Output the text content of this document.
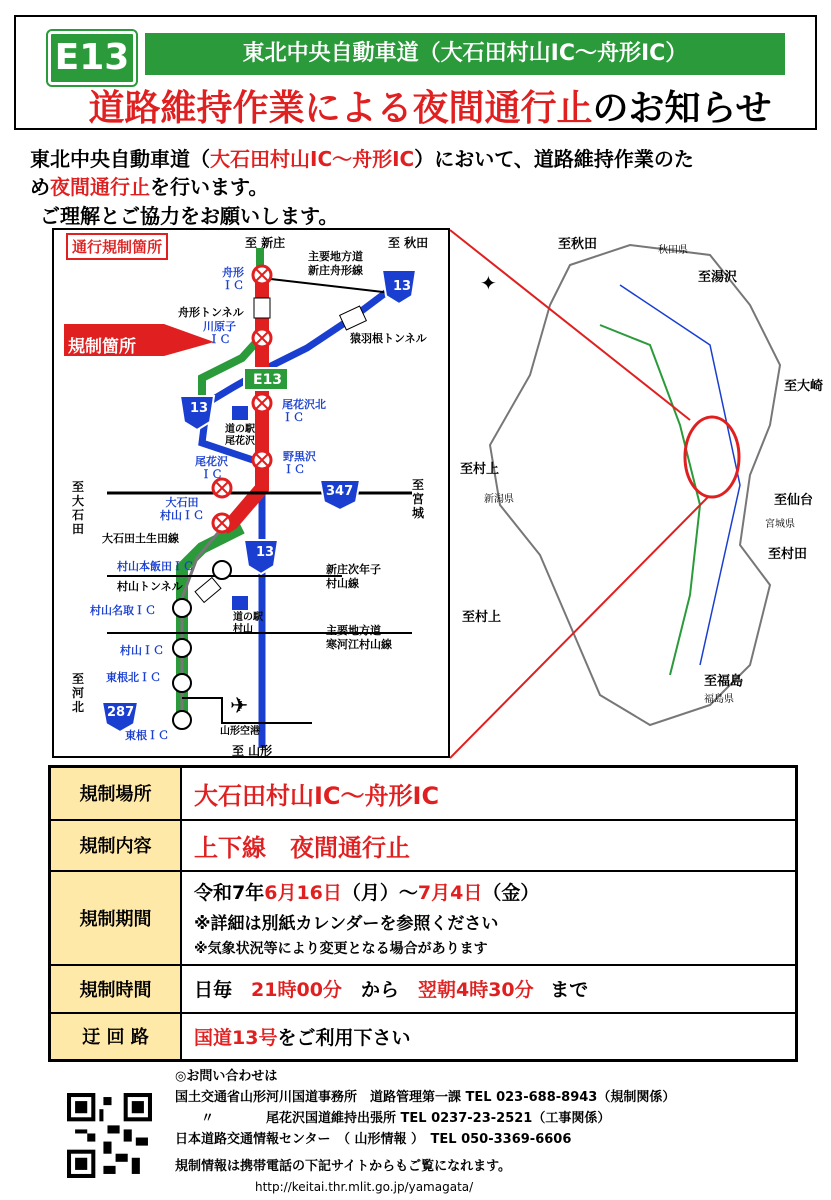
E13	東北中央自動車道（大石田村山IC〜舟形IC）
道路維持作業による夜間通行止のお知らせ
東北中央自動車道（大石田村山IC〜舟形IC）において、道路維持作業のた
め夜間通行止を行います。
ご理解とご協力をお願いします。
✈
通行規制箇所
規制箇所
至 新庄	至 秋田
至 山形
至
宮
城
至
大
石
田
至
河
北
舟形
ＩＣ
舟形トンネル
川原子
ＩＣ
E13
13
13
13
347
287
尾花沢北
ＩＣ
道の駅
尾花沢
尾花沢
ＩＣ
野黒沢
ＩＣ
大石田
村山ＩＣ
大石田土生田線
村山本飯田ＩＣ
村山トンネル
村山名取ＩＣ
村山ＩＣ
東根北ＩＣ
東根ＩＣ
道の駅
村山
新庄次年子
村山線
主要地方道
寒河江村山線
主要地方道
新庄舟形線
猿羽根トンネル
山形空港
✦
至秋田	秋田県
至湯沢
至大崎
至村上
新潟県	至仙台
宮城県
至村田
至村上
至福島
福島県
規制場所	大石田村山IC〜舟形IC
規制内容	上下線　夜間通行止
規制期間	令和7年6月16日（月）〜7月4日（金）
※詳細は別紙カレンダーを参照ください
※気象状況等により変更となる場合があります

規制時間	日毎　 21時00分　 から　 翌朝4時30分 まで
迂 回 路	国道13号をご利用下さい
◎お問い合わせは
国土交通省山形河川国道事務所　道路管理第一課 TEL 023-688-8943（規制関係）
　　〃　　　　尾花沢国道維持出張所 TEL 0237-23-2521（工事関係）
日本道路交通情報センター　（ 山形情報 ）　TEL 050-3369-6606
規制情報は携帯電話の下記サイトからもご覧になれます。
http://keitai.thr.mlit.go.jp/yamagata/
